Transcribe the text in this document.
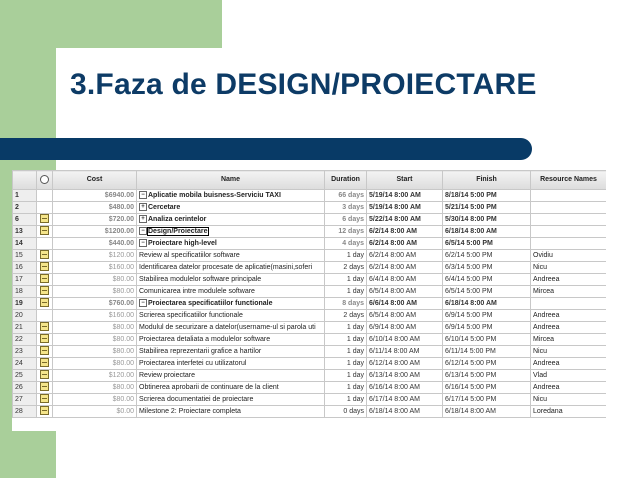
3.Faza de DESIGN/PROIECTARE
		Cost	Name	Duration	Start	Finish	Resource Names
1		$6940.00	− Aplicatie mobila buisness-Serviciu TAXI	66 days	5/19/14 8:00 AM	8/18/14 5:00 PM	
2		$480.00	+ Cercetare	3 days	5/19/14 8:00 AM	5/21/14 5:00 PM	
6		$720.00	+ Analiza cerintelor	6 days	5/22/14 8:00 AM	5/30/14 8:00 PM	
13		$1200.00	− Design/Proiectare	12 days	6/2/14 8:00 AM	6/18/14 8:00 AM	
14		$440.00	− Proiectare high-level	4 days	6/2/14 8:00 AM	6/5/14 5:00 PM	
15		$120.00	Review al specificatiilor software	1 day	6/2/14 8:00 AM	6/2/14 5:00 PM	Ovidiu
16		$160.00	Identificarea datelor procesate de aplicatie(masini,soferi	2 days	6/2/14 8:00 AM	6/3/14 5:00 PM	Nicu
17		$80.00	Stabilirea modulelor software principale	1 day	6/4/14 8:00 AM	6/4/14 5:00 PM	Andreea
18		$80.00	Comunicarea intre modulele software	1 day	6/5/14 8:00 AM	6/5/14 5:00 PM	Mircea
19		$760.00	− Proiectarea specificatiilor functionale	8 days	6/6/14 8:00 AM	6/18/14 8:00 AM	
20		$160.00	Scrierea specificatiilor functionale	2 days	6/5/14 8:00 AM	6/9/14 5:00 PM	Andreea
21		$80.00	Modulul de securizare a datelor(username-ul si parola uti	1 day	6/9/14 8:00 AM	6/9/14 5:00 PM	Andreea
22		$80.00	Proiectarea detaliata a modulelor software	1 day	6/10/14 8:00 AM	6/10/14 5:00 PM	Mircea
23		$80.00	Stabilirea reprezentarii grafice a hartilor	1 day	6/11/14 8:00 AM	6/11/14 5:00 PM	Nicu
24		$80.00	Proiectarea interfetei cu utilizatorul	1 day	6/12/14 8:00 AM	6/12/14 5:00 PM	Andreea
25		$120.00	Review proiectare	1 day	6/13/14 8:00 AM	6/13/14 5:00 PM	Vlad
26		$80.00	Obtinerea aprobarii de continuare de la client	1 day	6/16/14 8:00 AM	6/16/14 5:00 PM	Andreea
27		$80.00	Scrierea documentatiei de proiectare	1 day	6/17/14 8:00 AM	6/17/14 5:00 PM	Nicu
28		$0.00	Milestone 2: Proiectare completa	0 days	6/18/14 8:00 AM	6/18/14 8:00 AM	Loredana
